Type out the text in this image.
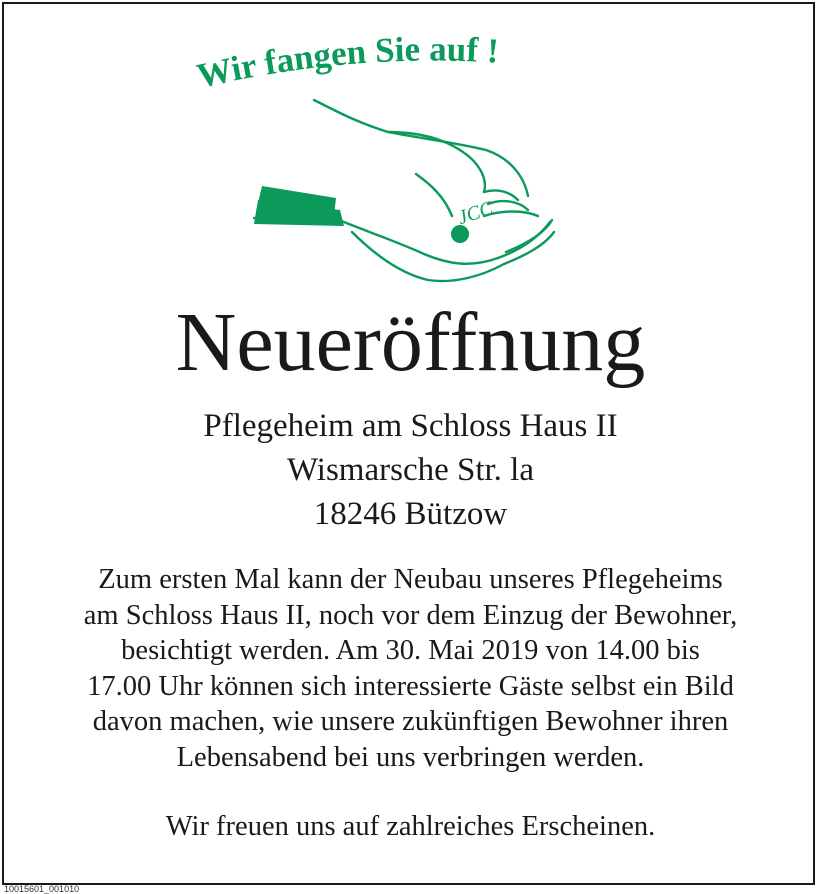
Wir fangen Sie auf !
JCC
Neueröffnung
Pflegeheim am Schloss Haus II
Wismarsche Str. la
18246 Bützow
Zum ersten Mal kann der Neubau unseres Pflegeheims
am Schloss Haus II, noch vor dem Einzug der Bewohner,
besichtigt werden. Am 30. Mai 2019 von 14.00 bis
17.00 Uhr können sich interessierte Gäste selbst ein Bild
davon machen, wie unsere zukünftigen Bewohner ihren
Lebensabend bei uns verbringen werden.
Wir freuen uns auf zahlreiches Erscheinen.
10015601_001010
